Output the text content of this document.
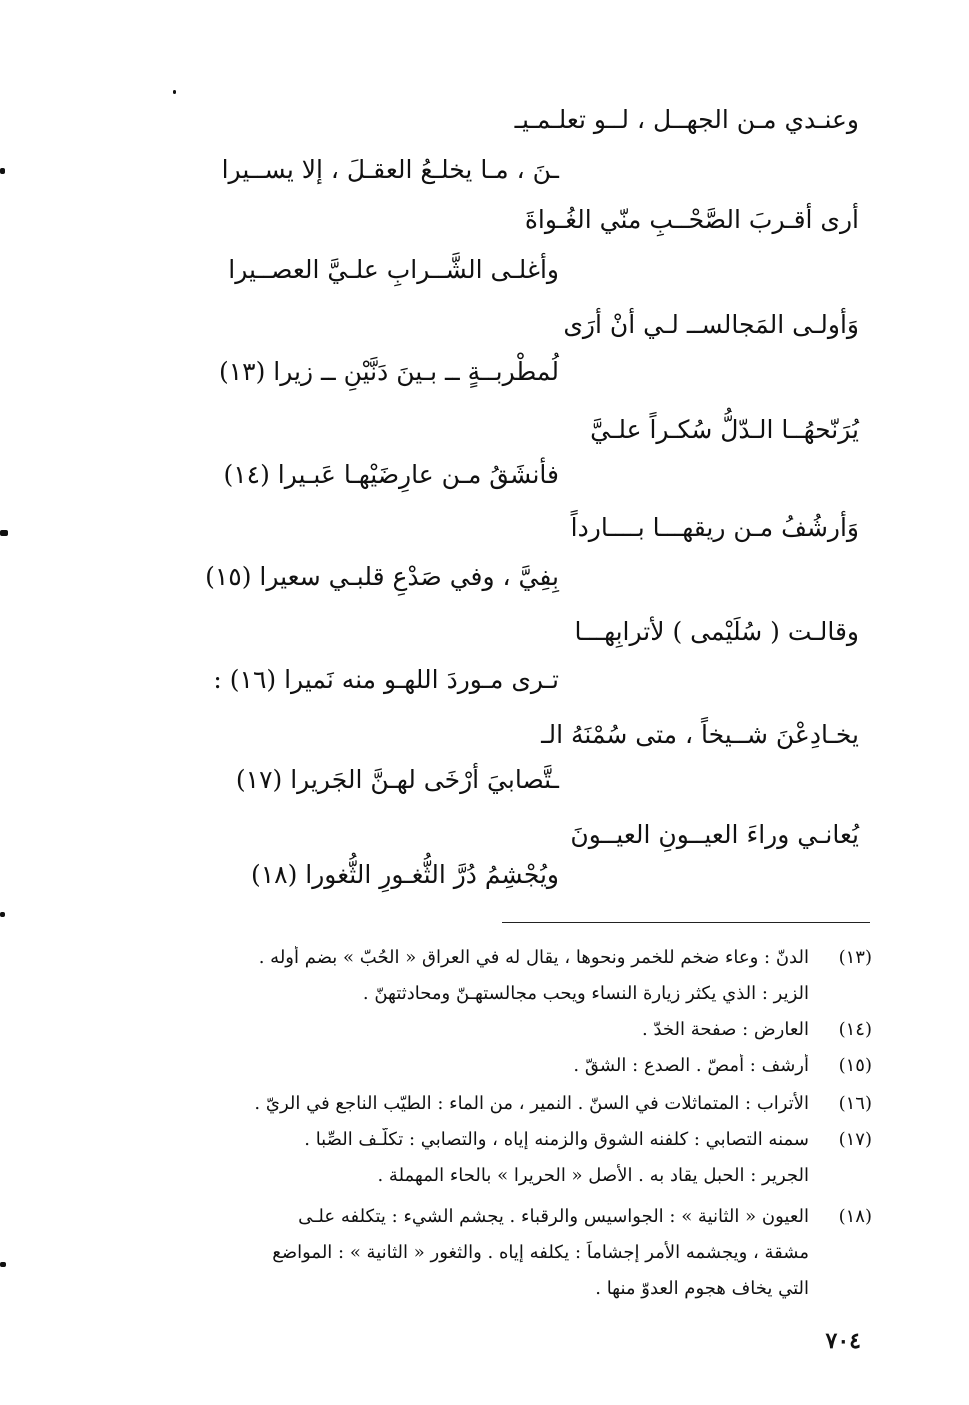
وعنـدي مـن الجهــل ، لــو تعلـمـيـ
ـنَ ، مـا يخلـعُ العقـلَ ، إلا يســيرا
أرى أقـربَ الصَّحْــبِ منّي الغُـواةَ
وأغلـى الشَّــرابِ علـيَّ العصــيرا
وَأولـى المَجالســ لـي أنْ أرَى
لُمطْربــةٍ ــ بـينَ دَنَّيْنِ ــ زيرا (١٣)
يُرَنّحهُــا الـدّلُّ سُكـراً علـيَّ
فأنشَقُ مـن عارِضَيْهـا عَبـيرا (١٤)
وَأرشُفُ مـن ريقهـــا بــــارداً
بِفِيَّ ، وفي صَدْعِ قلبـي سعيرا (١٥)
وقالـت ( سُلَيْمى ) لأترابِهـــا
تـرى مـوردَ اللهـو منه نَميرا (١٦) :
يخـادِعْنَ شــيخاً ، متى سُمْنَهُ الـ
ـتَّصابيَ أرْخَى لهـنَّ الجَريرا (١٧)
يُعانـي وراءَ العيــونِ العيــونَ
ويُجْشِمُ دُرَّ الثُّغـورِ الثُّغورا (١٨)
(١٣)
الدنّ : وعاء ضخم للخمر ونحوها ، يقال له في العراق « الحُبّ » بضم أوله .
الزير : الذي يكثر زيارة النساء ويحب مجالستهـنّ ومحادثتهنّ .
(١٤)
العارض : صفحة الخدّ .
(١٥)
أرشف : أمصّ . الصدع : الشقّ .
(١٦)
الأتراب : المتماثلات في السنّ . النمير ، من الماء : الطيّب الناجع في الريّ .
(١٧)
سمنه التصابي : كلفنه الشوق والزمنه إياه ، والتصابي : تكلّـف الصِّبا .
الجرير : الحبل يقاد به . الأصل « الحريرا » بالحاء المهملة .
(١٨)
العيون « الثانية » : الجواسيس والرقباء . يجشم الشيء : يتكلفه علـى
مشقة ، ويجشمه الأمر إجشاماً : يكلفه إياه . والثغور « الثانية » : المواضع
التي يخاف هجوم العدوّ منها .
٧٠٤
